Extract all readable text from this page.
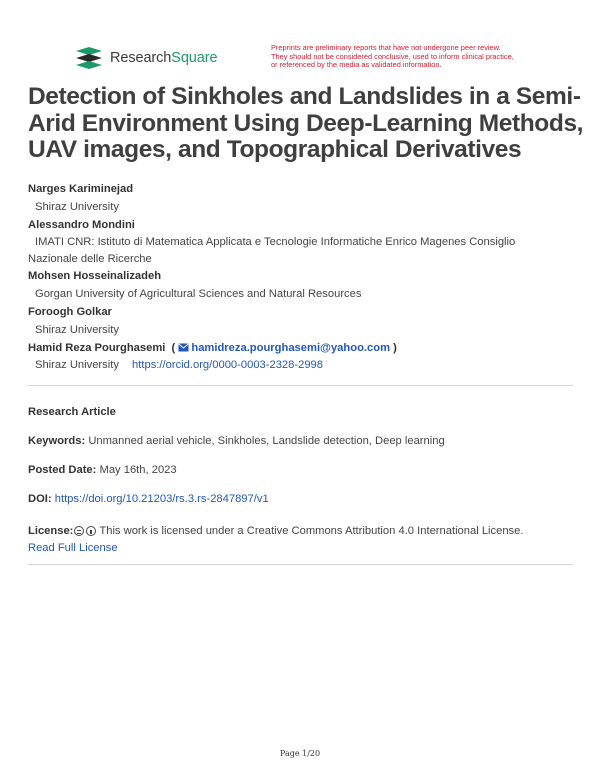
ResearchSquare
Preprints are preliminary reports that have not undergone peer review.
They should not be considered conclusive, used to inform clinical practice,
or referenced by the media as validated information.
Detection of Sinkholes and Landslides in a Semi-
Arid Environment Using Deep-Learning Methods,
UAV images, and Topographical Derivatives
Narges Kariminejad
Shiraz University
Alessandro Mondini
IMATI CNR: Istituto di Matematica Applicata e Tecnologie Informatiche Enrico Magenes Consiglio
Nazionale delle Ricerche
Mohsen Hosseinalizadeh
Gorgan University of Agricultural Sciences and Natural Resources
Foroogh Golkar
Shiraz University
Hamid Reza Pourghasemi ( hamidreza.pourghasemi@yahoo.com )
Shiraz University https://orcid.org/0000-0003-2328-2998
Research Article
Keywords: Unmanned aerial vehicle, Sinkholes, Landslide detection, Deep learning
Posted Date: May 16th, 2023
DOI: https://doi.org/10.21203/rs.3.rs-2847897/v1
License: This work is licensed under a Creative Commons Attribution 4.0 International License.
Read Full License
Page 1/20
